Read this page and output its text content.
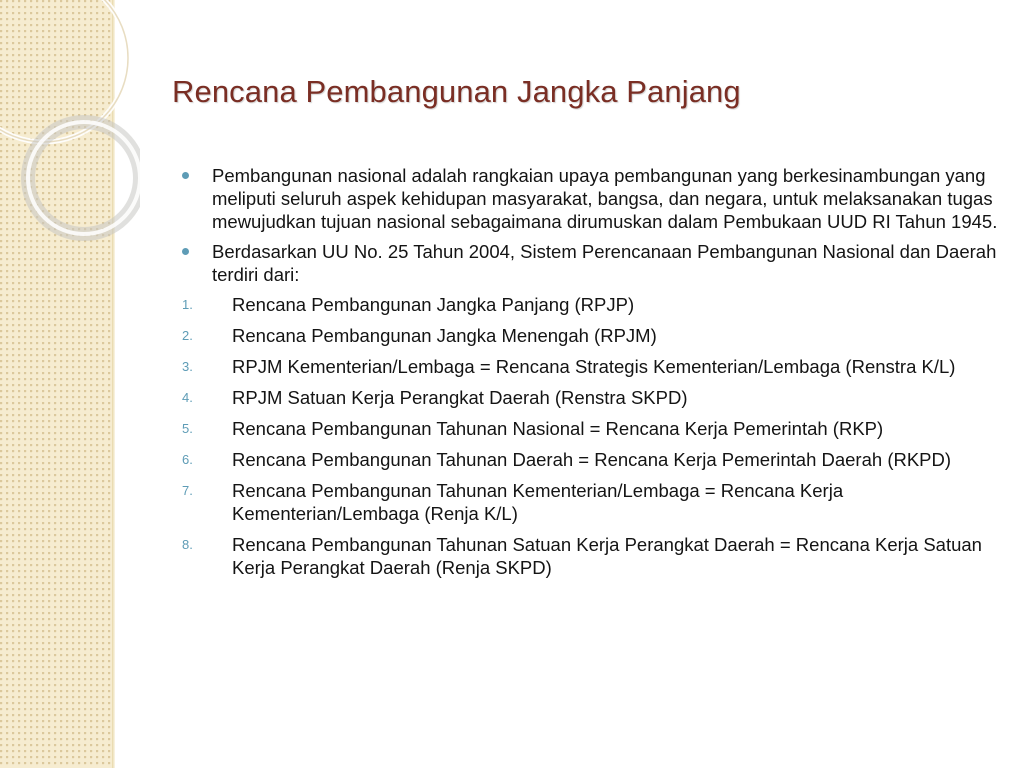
Rencana Pembangunan Jangka Panjang
Pembangunan nasional adalah rangkaian upaya pembangunan yang berkesinambungan yang meliputi seluruh aspek kehidupan masyarakat, bangsa, dan negara, untuk melaksanakan tugas mewujudkan tujuan nasional sebagaimana dirumuskan dalam Pembukaan UUD RI Tahun 1945.
Berdasarkan UU No. 25 Tahun 2004, Sistem Perencanaan Pembangunan Nasional dan Daerah terdiri dari:
1. Rencana Pembangunan Jangka Panjang (RPJP)
2. Rencana Pembangunan Jangka Menengah (RPJM)
3. RPJM Kementerian/Lembaga = Rencana Strategis Kementerian/Lembaga (Renstra K/L)
4. RPJM Satuan Kerja Perangkat Daerah (Renstra SKPD)
5. Rencana Pembangunan Tahunan Nasional = Rencana Kerja Pemerintah (RKP)
6. Rencana Pembangunan Tahunan Daerah = Rencana Kerja Pemerintah Daerah (RKPD)
7. Rencana Pembangunan Tahunan Kementerian/Lembaga = Rencana Kerja Kementerian/Lembaga (Renja K/L)
8. Rencana Pembangunan Tahunan Satuan Kerja Perangkat Daerah = Rencana Kerja Satuan Kerja Perangkat Daerah (Renja SKPD)
